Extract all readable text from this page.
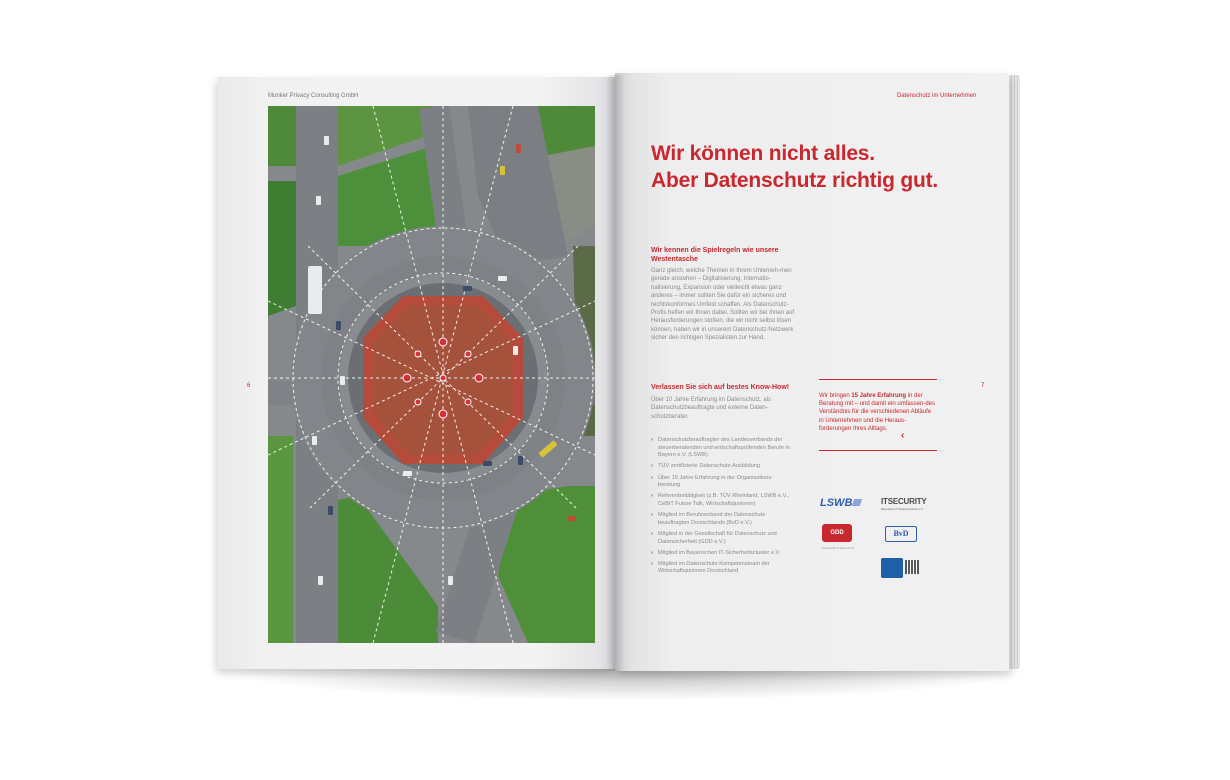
Munker Privacy Consulting GmbH
6
Datenschutz im Unternehmen
7
Wir können nicht alles.
Aber Datenschutz richtig gut.
Wir kennen die Spielregeln wie unsere Westentasche
Ganz gleich, welche Themen in Ihrem Unterneh-men gerade anstehen – Digitalisierung, Internatio-nalisierung, Expansion oder vielleicht etwas ganz anderes – immer sollten Sie dafür ein sicheres und rechtskonformes Umfeld schaffen. Als Datenschutz-Profis helfen wir Ihnen dabei. Sollten wir bei Ihnen auf Herausforderungen stoßen, die wir nicht selbst lösen können, haben wir in unserem Datenschutz-Netzwerk sicher den richtigen Spezialisten zur Hand.
Verlassen Sie sich auf bestes Know-How!
Über 10 Jahre Erfahrung im Datenschutz, als Datenschutzbeauftragte und externe Daten-schutzberater.
› Datenschutzbeauftragter des Landesverbands der steuerberatenden und wirtschaftsprüfenden Berufe in Bayern e.V. (LSWB)
› TÜV zertifizierte Datenschutz-Ausbildung
› Über 15 Jahre Erfahrung in der Organisations-beratung
› Referententätigkeit (z.B. TÜV Rheinland, LSWB e.V., CeBIT Future Talk, Wirtschaftsjunioren)
› Mitglied im Berufsverband der Datenschutz-beauftragten Deutschlands (BvD e.V.)
› Mitglied in der Gesellschaft für Datenschutz und Datensicherheit (GDD e.V.)
› Mitglied im Bayerischen IT-Sicherheitscluster e.V.
› Mitglied im Datenschutz-Kompetenzteam der Wirtschaftsjunioren Deutschland
Wir bringen 15 Jahre Erfahrung in der Beratung mit – und damit ein umfassen-des Verständnis für die verschiedenen Abläufe in Unternehmen und die Heraus-forderungen Ihres Alltags.
‹
LSWB	ITSECURITY
Bayerischer IT-Sicherheitscluster e.V.
GDD
Gesellschaft für Datenschutz
BvD
